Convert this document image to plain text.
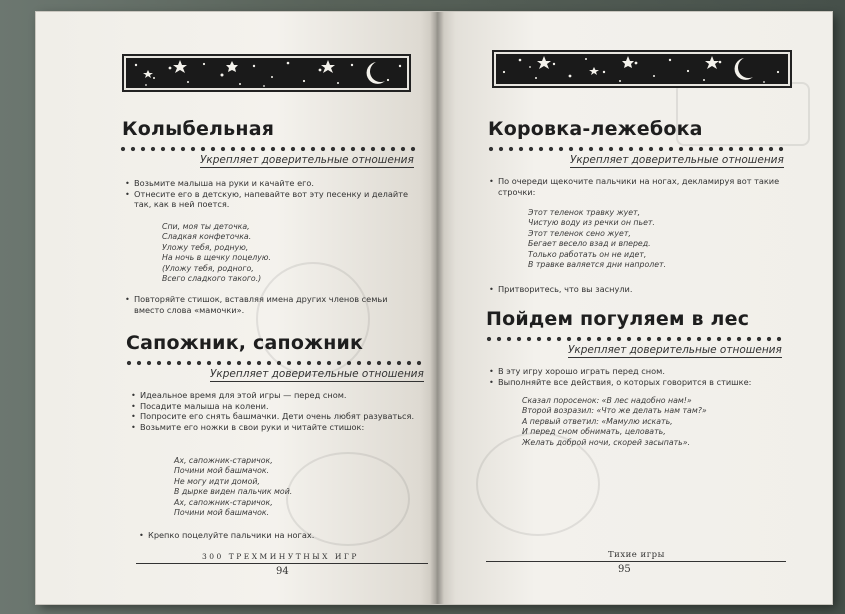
Колыбельная
Укрепляет доверительные отношения
• Возьмите малыша на руки и качайте его.
• Отнесите его в детскую, напевайте вот эту песенку и делайте так, как в ней поется.
Спи, моя ты деточка,
Сладкая конфеточка.
Уложу тебя, родную,
На ночь в щечку поцелую.
(Уложу тебя, родного,
Всего сладкого такого.)
• Повторяйте стишок, вставляя имена других членов семьи вместо слова «мамочки».
Сапожник, сапожник
Укрепляет доверительные отношения
• Идеальное время для этой игры — перед сном.
• Посадите малыша на колени.
• Попросите его снять башмачки. Дети очень любят разуваться.
• Возьмите его ножки в свои руки и читайте стишок:
Ах, сапожник-старичок,
Почини мой башмачок.
Не могу идти домой,
В дырке виден пальчик мой.
Ах, сапожник-старичок,
Почини мой башмачок.
• Крепко поцелуйте пальчики на ногах.
300 ТРЕХМИНУТНЫХ ИГР
94
Коровка-лежебока
Укрепляет доверительные отношения
• По очереди щекочите пальчики на ногах, декламируя вот такие строчки:
Этот теленок травку жует,
Чистую воду из речки он пьет.
Этот теленок сено жует,
Бегает весело взад и вперед.
Только работать он не идет,
В травке валяется дни напролет.
• Притворитесь, что вы заснули.
Пойдем погуляем в лес
Укрепляет доверительные отношения
• В эту игру хорошо играть перед сном.
• Выполняйте все действия, о которых говорится в стишке:
Сказал поросенок: «В лес надобно нам!»
Второй возразил: «Что же делать нам там?»
А первый ответил: «Мамулю искать,
И перед сном обнимать, целовать,
Желать доброй ночи, скорей засыпать».
Тихие игры
95
